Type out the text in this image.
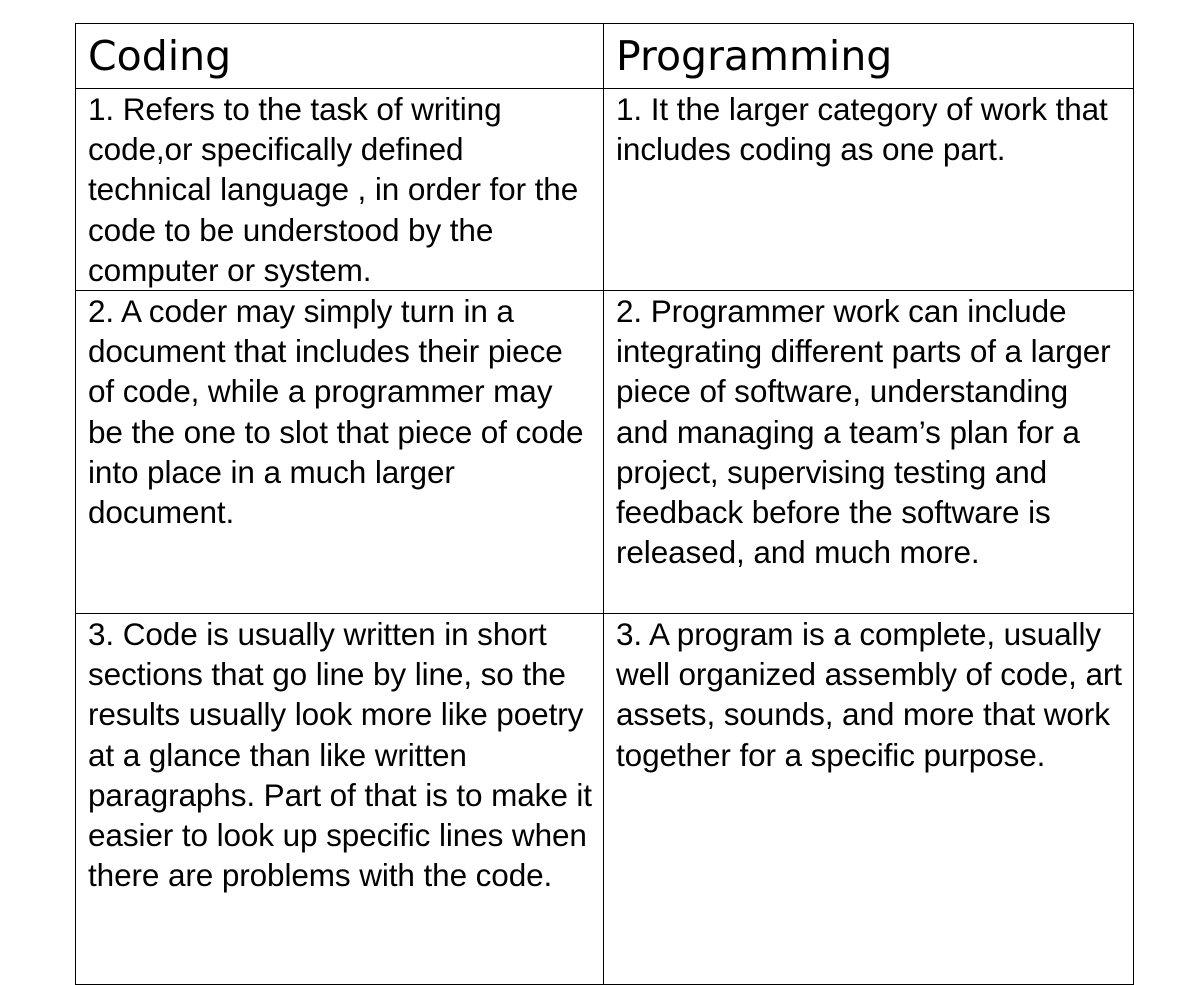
Coding	Programming

1. Refers to the task of writing code,or specifically defined technical language , in order for the code to be understood by the computer or system.	1. It the larger category of work that includes coding as one part.

2. A coder may simply turn in a document that includes their piece of code, while a programmer may be the one to slot that piece of code into place in a much larger document.	2. Programmer work can include integrating different parts of a larger piece of software, understanding and managing a team’s plan for a project, supervising testing and feedback before the software is released, and much more.

3. Code is usually written in short sections that go line by line, so the results usually look more like poetry at a glance than like written paragraphs. Part of that is to make it easier to look up specific lines when there are problems with the code.	3. A program is a complete, usually well organized assembly of code, art assets, sounds, and more that work together for a specific purpose.
